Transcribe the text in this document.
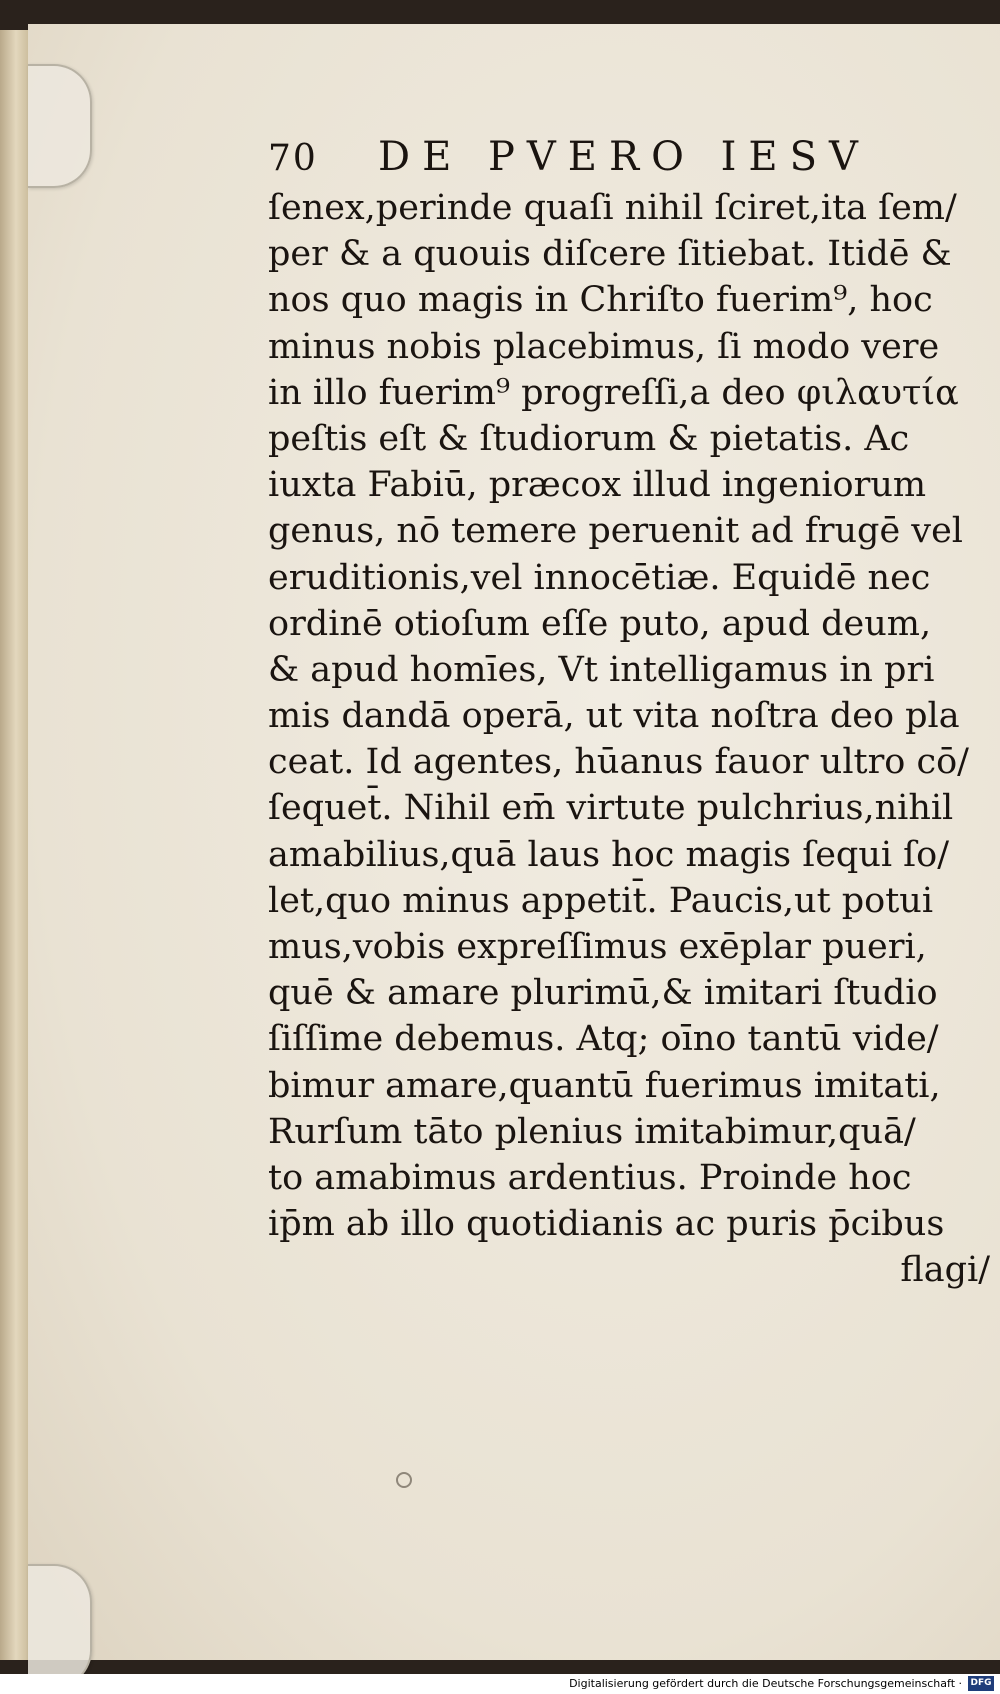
70 DE PVERO IESV
ſenex,perinde quaſi nihil ſciret,ita ſem/
per & a quouis diſcere ſitiebat. Itidē &
nos quo magis in Chriſto fuerim⁹, hoc
minus nobis placebimus, ſi modo vere
in illo fuerim⁹ progreſſi,a deo φιλαυτία
peſtis eſt & ſtudiorum & pietatis. Ac
iuxta Fabiū, præcox illud ingeniorum
genus, nō temere peruenit ad frugē vel
eruditionis,vel innocētiæ. Equidē nec
ordinē otioſum eſſe puto, apud deum,
& apud homīes, Vt intelligamus in pri
mis dandā operā, ut vita noſtra deo pla
ceat. Id agentes, hūanus fauor ultro cō/
ſequet̄. Nihil em̄ virtute pulchrius,nihil
amabilius,quā laus hoc magis ſequi ſo/
let,quo minus appetit̄. Paucis,ut potui
mus,vobis expreſſimus exēplar pueri,
quē & amare plurimū,& imitari ſtudio
ſiſſime debemus. Atq; oīno tantū vide/
bimur amare,quantū fuerimus imitati,
Rurſum tāto plenius imitabimur,quā/
to amabimus ardentius. Proinde hoc
ip̄m ab illo quotidianis ac puris p̄cibus
flagi/
Digitalisierung gefördert durch die Deutsche Forschungsgemeinschaft · DFG
